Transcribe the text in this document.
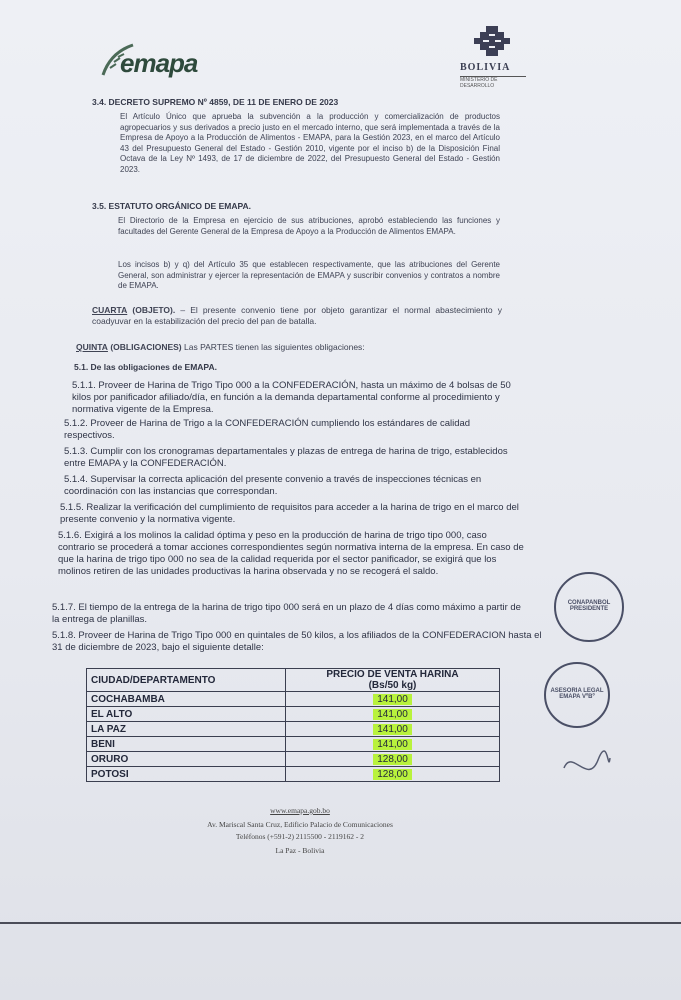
emapa	BOLIVIA
MINISTERIO DE DESARROLLO
3.4. DECRETO SUPREMO Nº 4859, DE 11 DE ENERO DE 2023
El Artículo Único que aprueba la subvención a la producción y comercialización de productos agropecuarios y sus derivados a precio justo en el mercado interno, que será implementada a través de la Empresa de Apoyo a la Producción de Alimentos - EMAPA, para la Gestión 2023, en el marco del Artículo 43 del Presupuesto General del Estado - Gestión 2010, vigente por el inciso b) de la Disposición Final Octava de la Ley Nº 1493, de 17 de diciembre de 2022, del Presupuesto General del Estado - Gestión 2023.
3.5. ESTATUTO ORGÁNICO DE EMAPA.
El Directorio de la Empresa en ejercicio de sus atribuciones, aprobó estableciendo las funciones y facultades del Gerente General de la Empresa de Apoyo a la Producción de Alimentos EMAPA.
Los incisos b) y q) del Artículo 35 que establecen respectivamente, que las atribuciones del Gerente General, son administrar y ejercer la representación de EMAPA y suscribir convenios y contratos a nombre de EMAPA.
CUARTA (OBJETO). – El presente convenio tiene por objeto garantizar el normal abastecimiento y coadyuvar en la estabilización del precio del pan de batalla.
QUINTA (OBLIGACIONES) Las PARTES tienen las siguientes obligaciones:
5.1. De las obligaciones de EMAPA.
5.1.1. Proveer de Harina de Trigo Tipo 000 a la CONFEDERACIÓN, hasta un máximo de 4 bolsas de 50 kilos por panificador afiliado/día, en función a la demanda departamental conforme al procedimiento y normativa vigente de la Empresa.
5.1.2. Proveer de Harina de Trigo a la CONFEDERACIÓN cumpliendo los estándares de calidad respectivos.
5.1.3. Cumplir con los cronogramas departamentales y plazas de entrega de harina de trigo, establecidos entre EMAPA y la CONFEDERACIÓN.
5.1.4. Supervisar la correcta aplicación del presente convenio a través de inspecciones técnicas en coordinación con las instancias que correspondan.
5.1.5. Realizar la verificación del cumplimiento de requisitos para acceder a la harina de trigo en el marco del presente convenio y la normativa vigente.
5.1.6. Exigirá a los molinos la calidad óptima y peso en la producción de harina de trigo tipo 000, caso contrario se procederá a tomar acciones correspondientes según normativa interna de la empresa. En caso de que la harina de trigo tipo 000 no sea de la calidad requerida por el sector panificador, se exigirá que los molinos retiren de las unidades productivas la harina observada y no se recogerá el saldo.
5.1.7. El tiempo de la entrega de la harina de trigo tipo 000 será en un plazo de 4 días como máximo a partir de la entrega de planillas.
5.1.8. Proveer de Harina de Trigo Tipo 000 en quintales de 50 kilos, a los afiliados de la CONFEDERACION hasta el 31 de diciembre de 2023, bajo el siguiente detalle:
CIUDAD/DEPARTAMENTO	PRECIO DE VENTA HARINA
(Bs/50 kg)

COCHABAMBA	141,00
EL ALTO	141,00
LA PAZ	141,00
BENI	141,00
ORURO	128,00
POTOSI	128,00
CONAPANBOL PRESIDENTE
ASESORIA LEGAL EMAPA VºBº
www.emapa.gob.bo
Av. Mariscal Santa Cruz, Edificio Palacio de Comunicaciones
Teléfonos (+591-2) 2115500 - 2119162 - 2
La Paz - Bolivia
